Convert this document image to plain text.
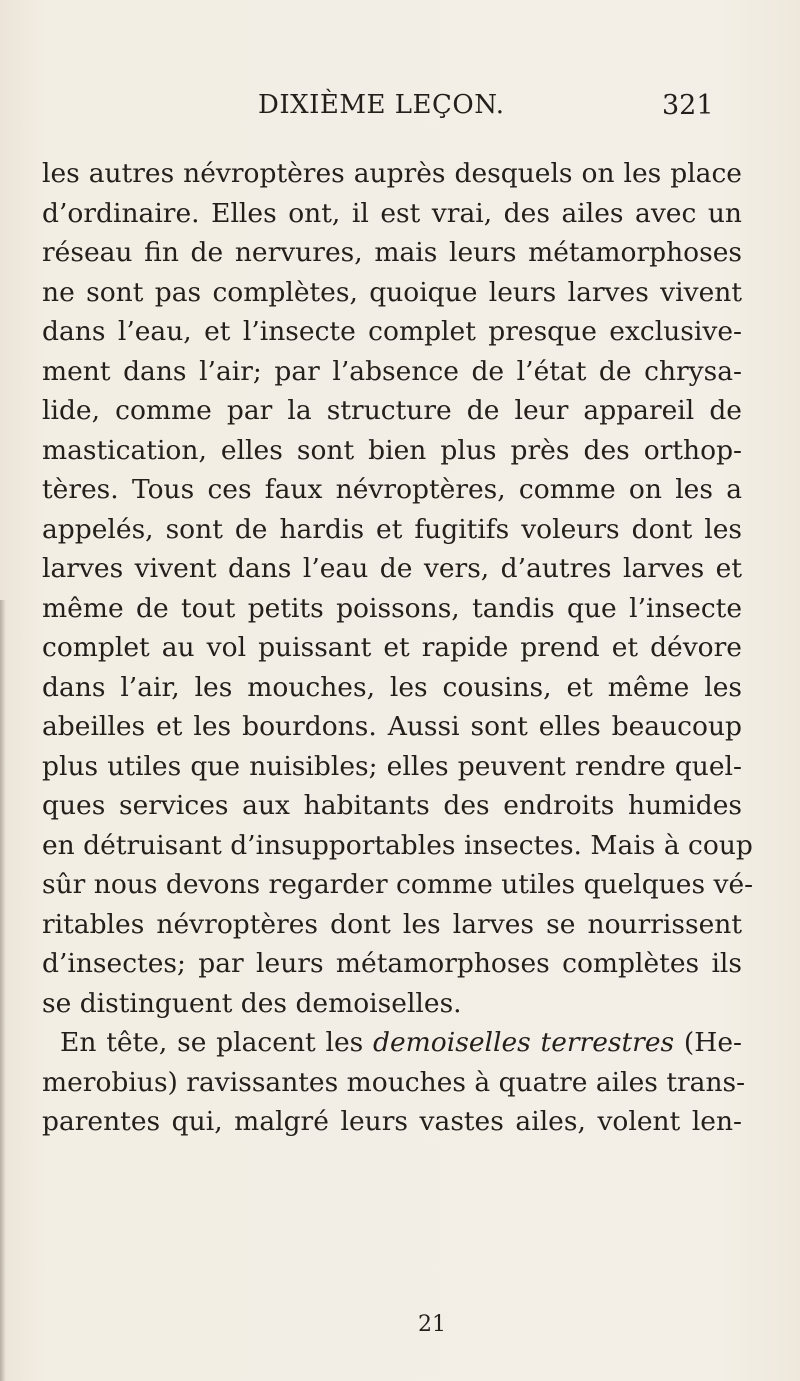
DIXIÈME LEÇON.	321
les autres névroptères auprès desquels on les place
d’ordinaire. Elles ont, il est vrai, des ailes avec un
réseau fin de nervures, mais leurs métamorphoses
ne sont pas complètes, quoique leurs larves vivent
dans l’eau, et l’insecte complet presque exclusive-
ment dans l’air; par l’absence de l’état de chrysa-
lide, comme par la structure de leur appareil de
mastication, elles sont bien plus près des orthop-
tères. Tous ces faux névroptères, comme on les a
appelés, sont de hardis et fugitifs voleurs dont les
larves vivent dans l’eau de vers, d’autres larves et
même de tout petits poissons, tandis que l’insecte
complet au vol puissant et rapide prend et dévore
dans l’air, les mouches, les cousins, et même les
abeilles et les bourdons. Aussi sont elles beaucoup
plus utiles que nuisibles; elles peuvent rendre quel-
ques services aux habitants des endroits humides
en détruisant d’insupportables insectes. Mais à coup
sûr nous devons regarder comme utiles quelques vé-
ritables névroptères dont les larves se nourrissent
d’insectes; par leurs métamorphoses complètes ils
se distinguent des demoiselles.
En tête, se placent les demoiselles terrestres (He-
merobius) ravissantes mouches à quatre ailes trans-
parentes qui, malgré leurs vastes ailes, volent len-
21
